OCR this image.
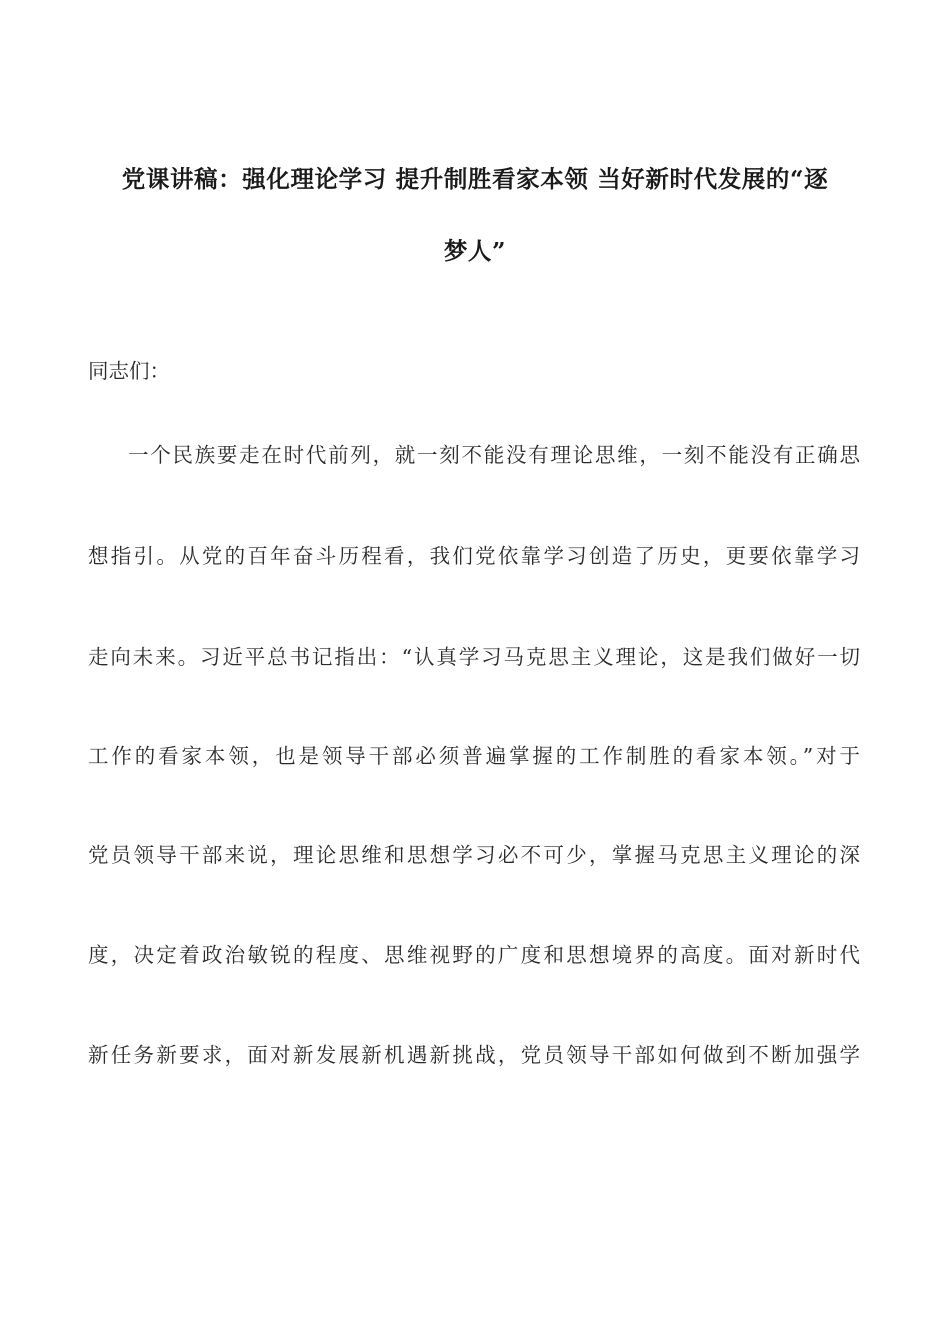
党课讲稿：强化理论学习 提升制胜看家本领 当好新时代发展的“逐
梦人”
同志们：
一个民族要走在时代前列，就一刻不能没有理论思维，一刻不能没有正确思
想指引。从党的百年奋斗历程看，我们党依靠学习创造了历史，更要依靠学习
走向未来。习近平总书记指出：“认真学习马克思主义理论，这是我们做好一切
工作的看家本领，也是领导干部必须普遍掌握的工作制胜的看家本领。”对于
党员领导干部来说，理论思维和思想学习必不可少，掌握马克思主义理论的深
度，决定着政治敏锐的程度、思维视野的广度和思想境界的高度。面对新时代
新任务新要求，面对新发展新机遇新挑战，党员领导干部如何做到不断加强学
